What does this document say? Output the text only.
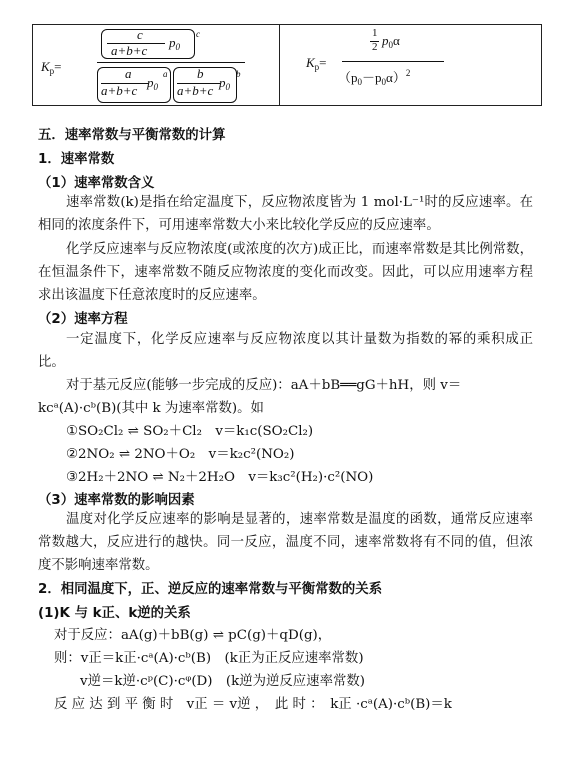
$K_p=$
c
a+b+c
$p_0$
c
a
a+b+c
$p_0$
a b
a+b+c
$p_0$
b
$K_p=$
1
2 $p_0\alpha$
$(p_0-p_0\alpha)^2$
五．速率常数与平衡常数的计算
1．速率常数
（1）速率常数含义
速率常数(k)是指在给定温度下，反应物浓度皆为 1 mol·L⁻¹时的反应速率。在相同的浓度条件下，可用速率常数大小来比较化学反应的反应速率。
化学反应速率与反应物浓度(或浓度的次方)成正比，而速率常数是其比例常数，在恒温条件下，速率常数不随反应物浓度的变化而改变。因此，可以应用速率方程求出该温度下任意浓度时的反应速率。
（2）速率方程
一定温度下，化学反应速率与反应物浓度以其计量数为指数的幂的乘积成正比。
对于基元反应(能够一步完成的反应)：aA＋bB══gG＋hH，则 v＝
kcᵃ(A)·cᵇ(B)(其中 k 为速率常数)。如
①SO₂Cl₂ ⇌ SO₂＋Cl₂　v＝k₁c(SO₂Cl₂)
②2NO₂ ⇌ 2NO＋O₂　v＝k₂c²(NO₂)
③2H₂＋2NO ⇌ N₂＋2H₂O　v＝k₃c²(H₂)·c²(NO)
（3）速率常数的影响因素
温度对化学反应速率的影响是显著的，速率常数是温度的函数，通常反应速率常数越大，反应进行的越快。同一反应，温度不同，速率常数将有不同的值，但浓度不影响速率常数。
2．相同温度下，正、逆反应的速率常数与平衡常数的关系
(1)K 与 k正、k逆的关系
对于反应：aA(g)＋bB(g) ⇌ pC(g)＋qD(g)，
则：v正＝k正·cᵃ(A)·cᵇ(B)　(k正为正反应速率常数)
v逆＝k逆·cᵖ(C)·cᵠ(D)　(k逆为逆反应速率常数)
反 应 达 到 平 衡 时　v正 ＝ v逆 ，　此 时 ：　k正 ·cᵃ(A)·cᵇ(B)＝k
